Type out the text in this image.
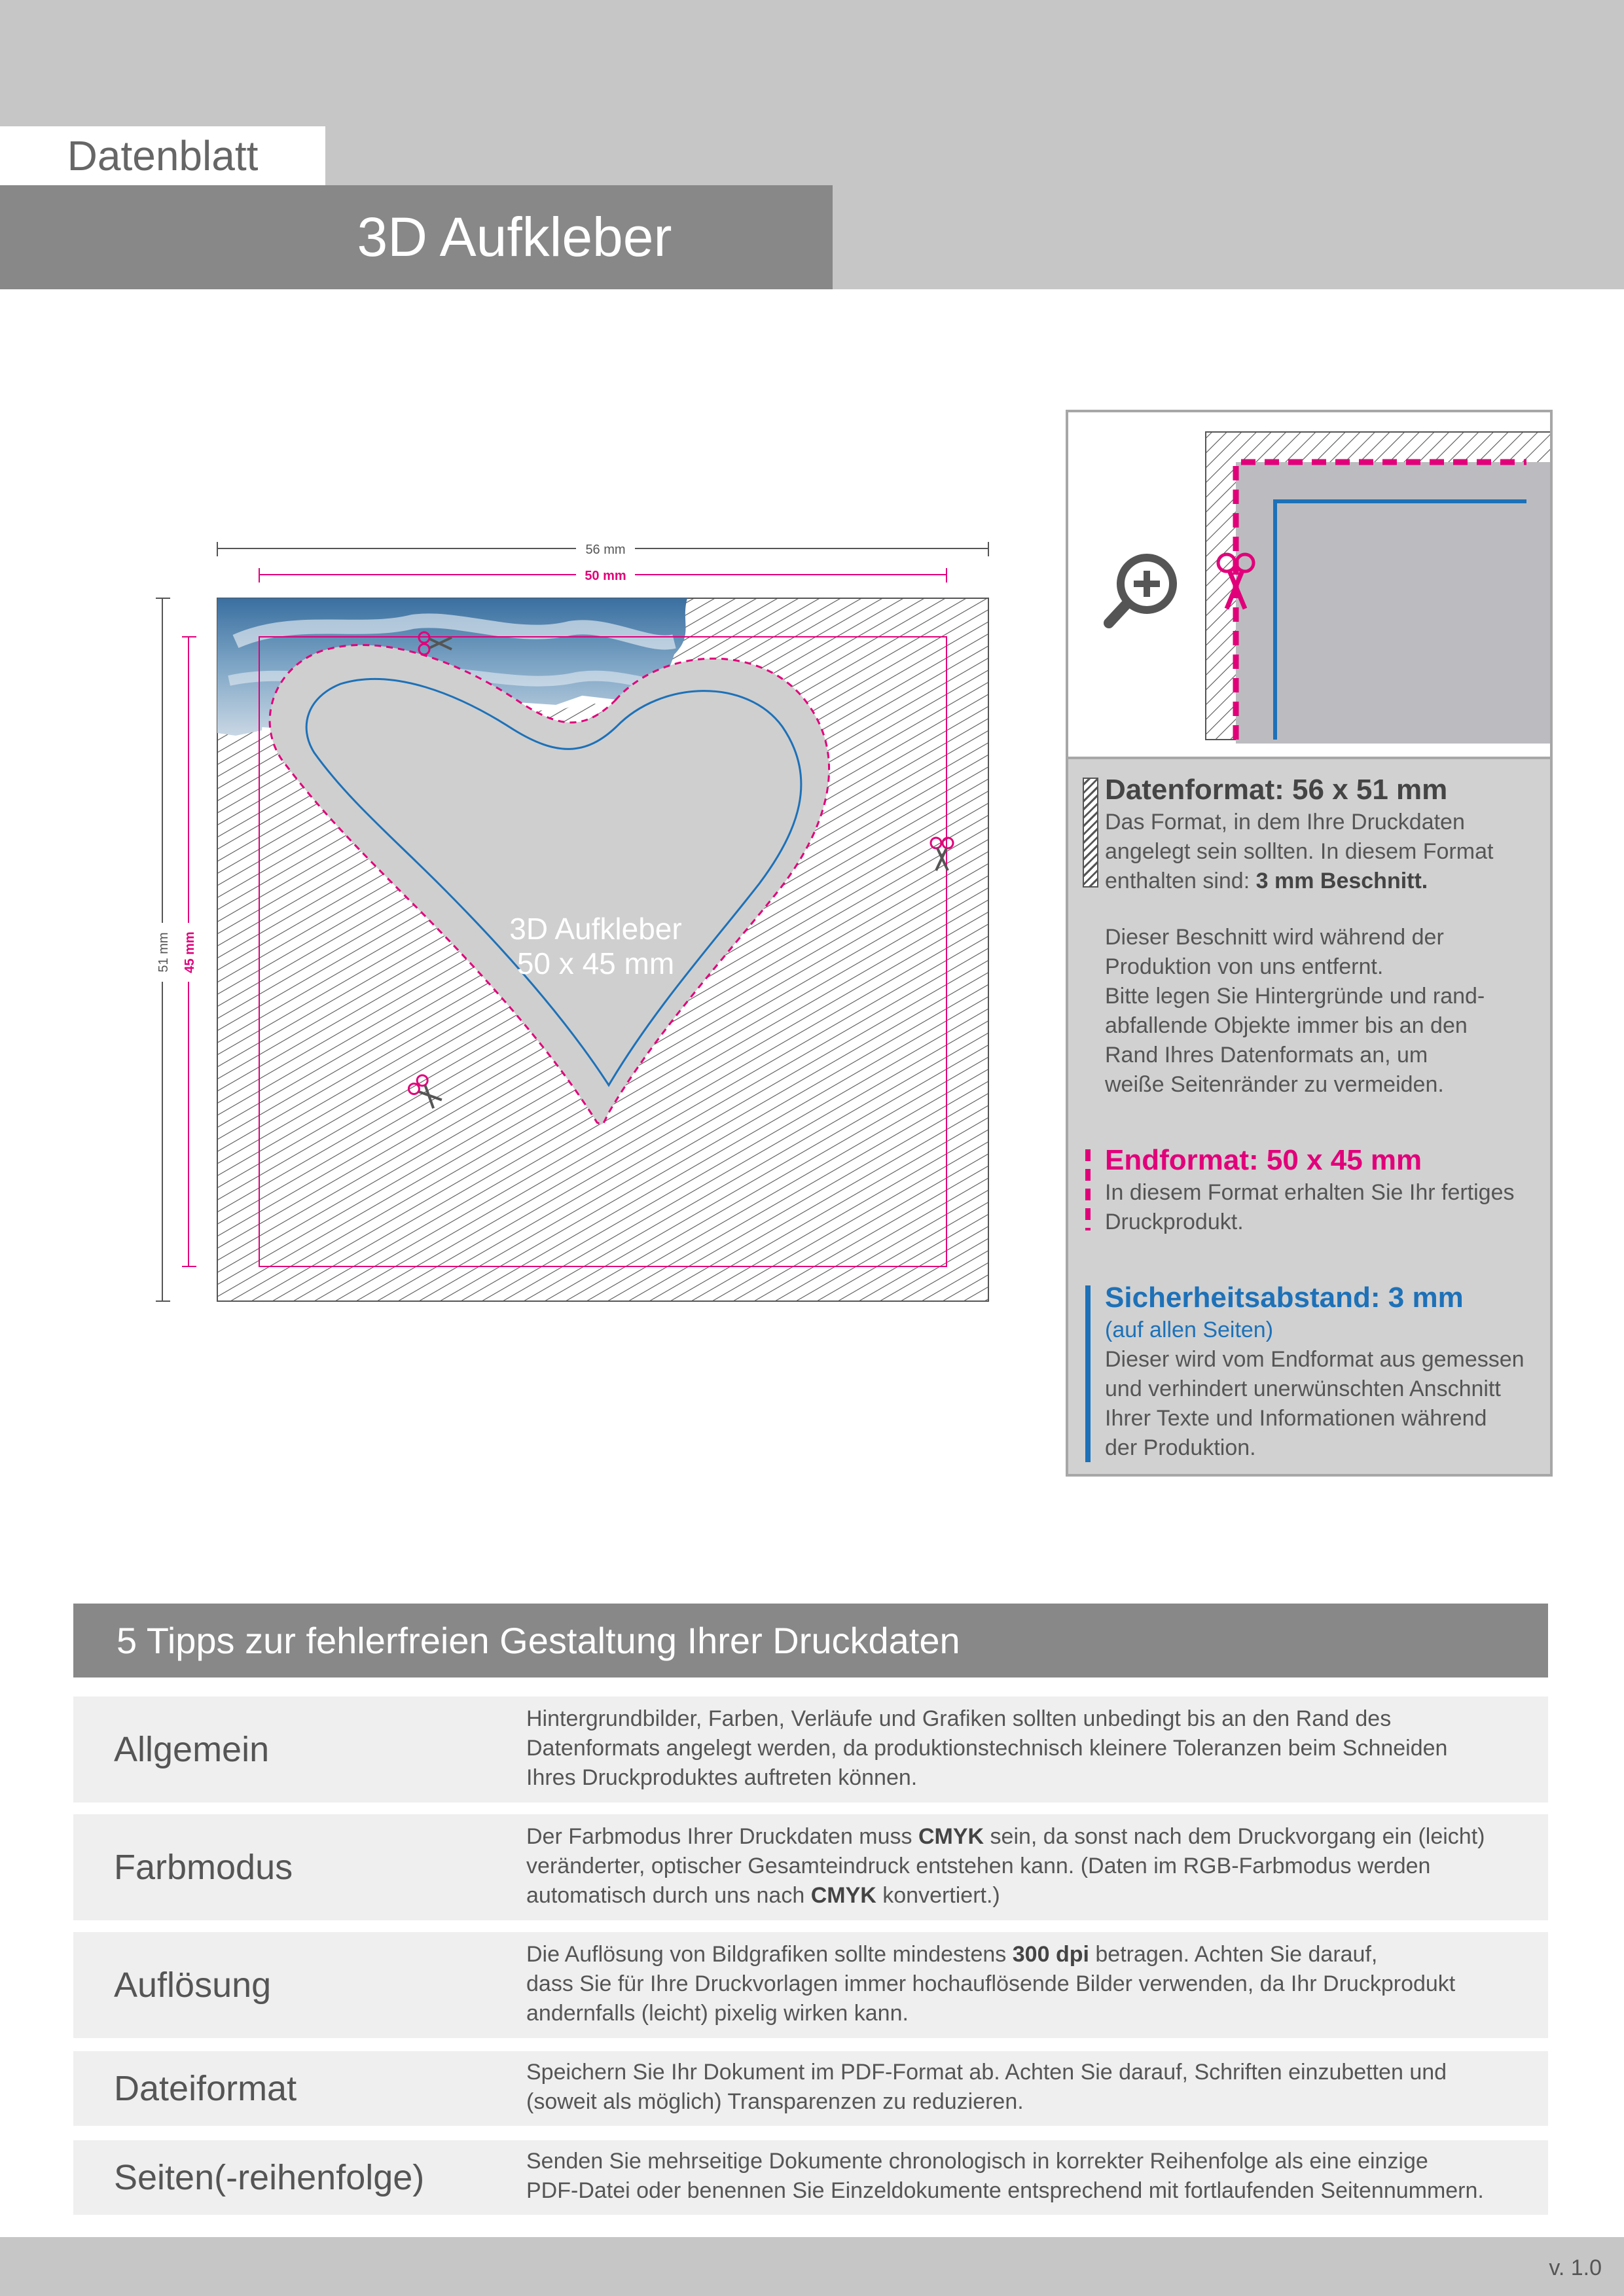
Datenblatt
3D Aufkleber
56 mm
50 mm
51 mm 45 mm
3D Aufkleber
50 x 45 mm
Datenformat: 56 x 51 mm
Das Format, in dem Ihre Druckdaten
angelegt sein sollten. In diesem Format
enthalten sind: 3 mm Beschnitt.
Dieser Beschnitt wird während der
Produktion von uns entfernt.
Bitte legen Sie Hintergründe und rand-
abfallende Objekte immer bis an den
Rand Ihres Datenformats an, um
weiße Seitenränder zu vermeiden.
Endformat: 50 x 45 mm
In diesem Format erhalten Sie Ihr fertiges
Druckprodukt.
Sicherheitsabstand: 3 mm
(auf allen Seiten)
Dieser wird vom Endformat aus gemessen
und verhindert unerwünschten Anschnitt
Ihrer Texte und Informationen während
der Produktion.
5 Tipps zur fehlerfreien Gestaltung Ihrer Druckdaten
Allgemein
Hintergrundbilder, Farben, Verläufe und Grafiken sollten unbedingt bis an den Rand des
Datenformats angelegt werden, da produktionstechnisch kleinere Toleranzen beim Schneiden
Ihres Druckproduktes auftreten können.
Farbmodus
Der Farbmodus Ihrer Druckdaten muss CMYK sein, da sonst nach dem Druckvorgang ein (leicht)
veränderter, optischer Gesamteindruck entstehen kann. (Daten im RGB-Farbmodus werden
automatisch durch uns nach CMYK konvertiert.)
Auflösung
Die Auflösung von Bildgrafiken sollte mindestens 300 dpi betragen. Achten Sie darauf,
dass Sie für Ihre Druckvorlagen immer hochauflösende Bilder verwenden, da Ihr Druckprodukt
andernfalls (leicht) pixelig wirken kann.
Dateiformat	Speichern Sie Ihr Dokument im PDF-Format ab. Achten Sie darauf, Schriften einzubetten und
(soweit als möglich) Transparenzen zu reduzieren.
Seiten(-reihenfolge)	Senden Sie mehrseitige Dokumente chronologisch in korrekter Reihenfolge als eine einzige
PDF-Datei oder benennen Sie Einzeldokumente entsprechend mit fortlaufenden Seitennummern.
v. 1.0
